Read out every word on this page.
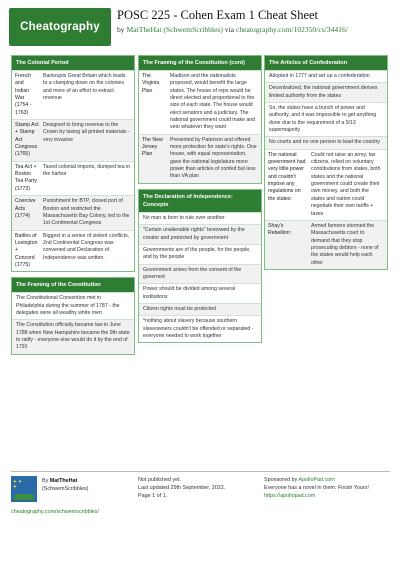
Cheatography
POSC 225 - Cohen Exam 1 Cheat Sheet
by MatTheHat (SchwemScribbles) via cheatography.com/102350/cs/34416/
The Colonial Period
French and Indian War (1754 - 1763)
Bankrupts Great Britain which leads to a clamping down on the colonies and more of an effort to extract revenue
Stamp Act + Stamp Act Congress (1765)
Designed to bring revenue to the Crown by taxing all printed materials - very invasive
Tea Act + Boston Tea Party (1773)
Taxed colonial imports, dumped tea in the harbor
Coercive Acts (1774)
Punishment for BTP, closed port of Boston and restricted the Massachusetts Bay Colony, led to the 1st Continental Congress
Battles of Lexington + Concord (1775)
Biggest in a series of violent conflicts, 2nd Continental Congress was convened and Declaration of Independence was written.
The Framing of the Constitution
The Constitutional Convention met in Philadelphia during the summer of 1787 - the delegates were all wealthy white men
The Constitution officially became law in June 1788 when New Hampshire became the 9th state to ratify - everyone else would do it by the end of 1791
The Framing of the Constitution (cont)
The Virginia Plan
Madison and the nationalists proposed, would benefit the large states. The house of reps would be direct elected and proportional to the size of each state. The house would elect senators and a judiciary. The national government could make and veto whatever they want
The New Jersey Plan
Presented by Paterson and offered more protection for state's rights. One house, with equal representation, gave the national legislature more power than articles of confed but less than VA plan
The Declaration of Independence: Concepts
No man is born to rule over another
"Certain unalienable rights" bestowed by the creator and protected by government
Governments are of the people, for the people, and by the people
Government arises from the consent of the governed
Power should be divided among several institutions
Citizen rights must be protected
*nothing about slavery because southern slaveowners couldn't be offended or separated - everyone needed to work together
The Articles of Confederation
Adopted in 1777 and set up a confederation
Decentralized, the national government derives limited authority from the states
So, the states have a bunch of power and authority, and it was impossible to get anything done due to the requirement of a 9/13 supermajority
No courts and no one person to lead the country
The national government had very little power and couldn't impose any regulations on the states:
Could not raise an army, tax citizens, relied on voluntary contributions from states, both states and the national government could create their own money, and both the states and nation could negotiate their own tariffs + taxes
Shay's Rebellion:
Armed farmers stormed the Massachusetts court to demand that they stop prosecuting debtors - none of the states would help each other
✦ ✦
✦
By MatTheHat
(SchwemScribbles)
cheatography.com/schwemscribbles/
Not published yet.
Last updated 29th September, 2022.
Page 1 of 1.
Sponsored by ApolloPad.com
Everyone has a novel in them. Finish Yours!
https://apollopad.com
